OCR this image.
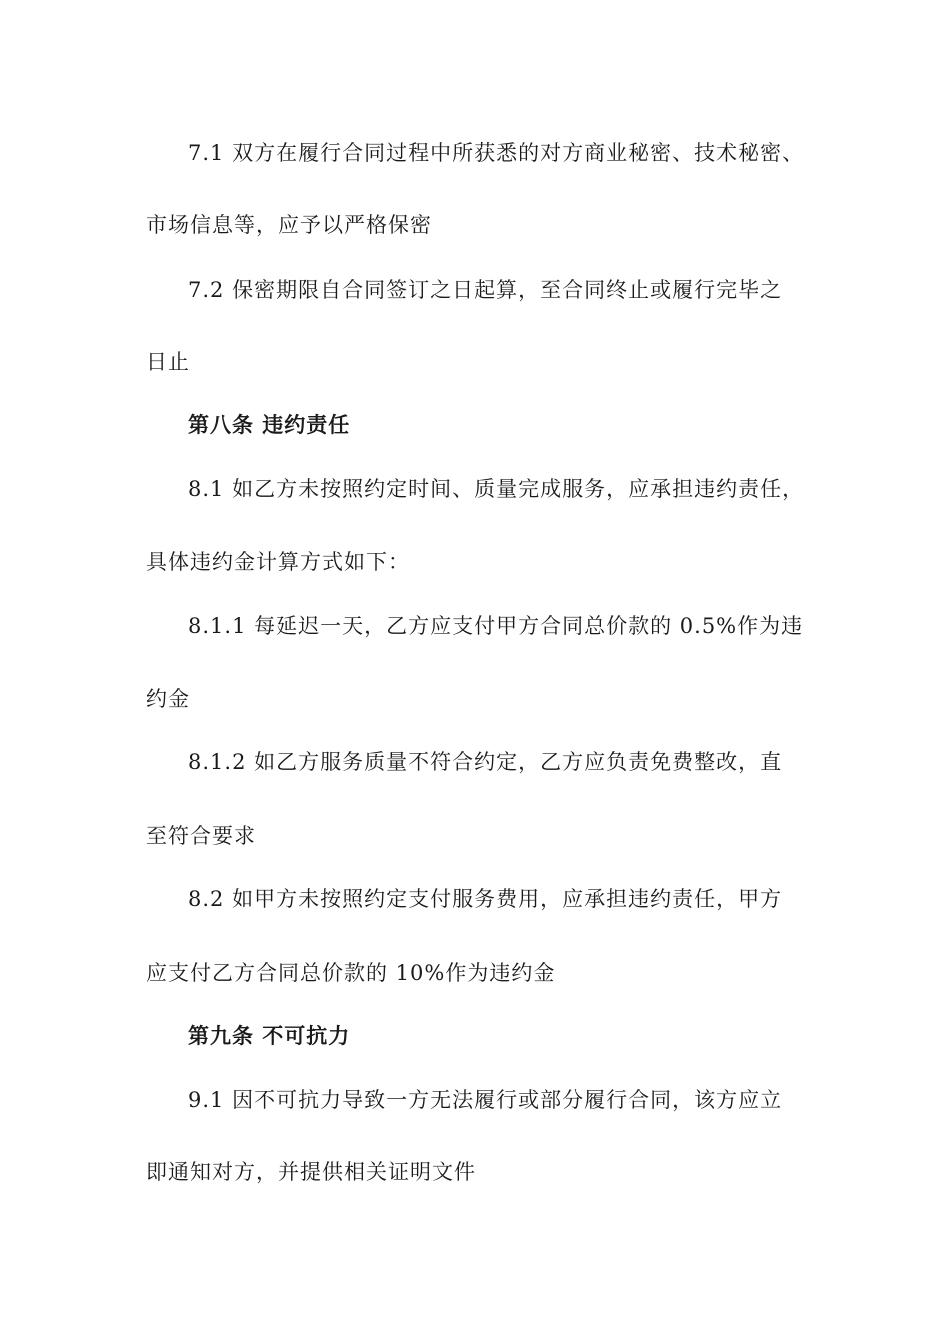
7.1 双方在履行合同过程中所获悉的对方商业秘密、技术秘密、
市场信息等，应予以严格保密
7.2 保密期限自合同签订之日起算，至合同终止或履行完毕之
日止
第八条 违约责任
8.1 如乙方未按照约定时间、质量完成服务，应承担违约责任，
具体违约金计算方式如下：
8.1.1 每延迟一天，乙方应支付甲方合同总价款的 0.5%作为违
约金
8.1.2 如乙方服务质量不符合约定，乙方应负责免费整改，直
至符合要求
8.2 如甲方未按照约定支付服务费用，应承担违约责任，甲方
应支付乙方合同总价款的 10%作为违约金
第九条 不可抗力
9.1 因不可抗力导致一方无法履行或部分履行合同，该方应立
即通知对方，并提供相关证明文件
